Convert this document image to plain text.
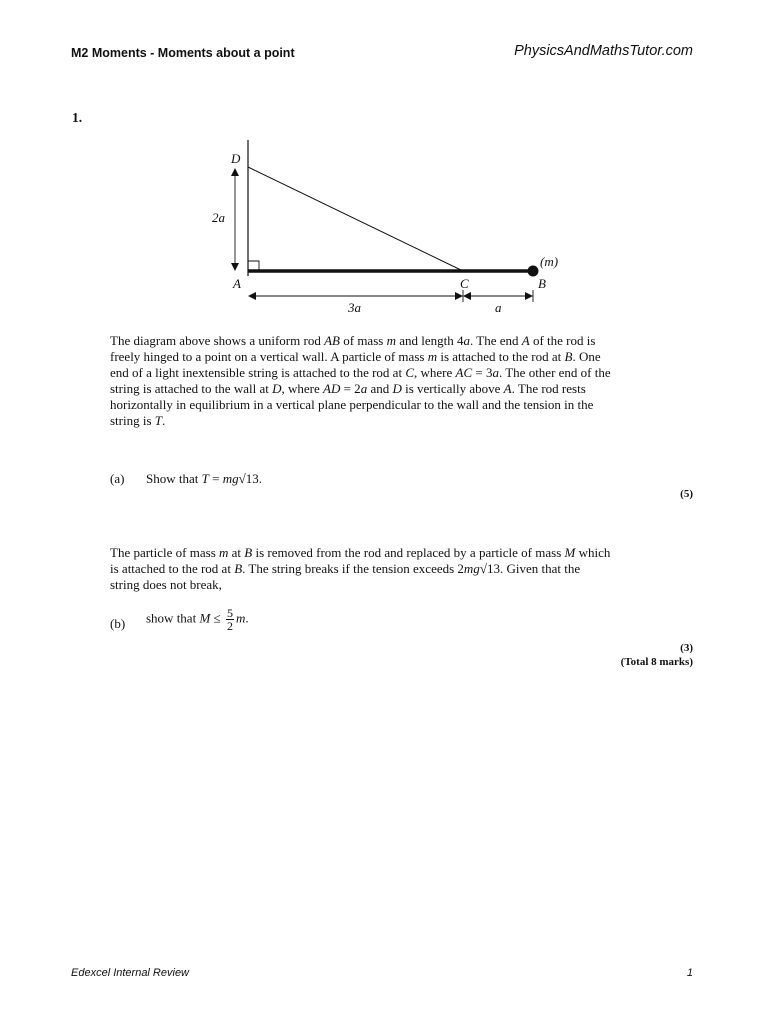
M2 Moments - Moments about a point	PhysicsAndMathsTutor.com
1.
D
2a
A	C	B
(m)
3a	a
The diagram above shows a uniform rod AB of mass m and length 4a. The end A of the rod is
freely hinged to a point on a vertical wall. A particle of mass m is attached to the rod at B. One
end of a light inextensible string is attached to the rod at C, where AC = 3a. The other end of the
string is attached to the wall at D, where AD = 2a and D is vertically above A. The rod rests
horizontally in equilibrium in a vertical plane perpendicular to the wall and the tension in the
string is T.
(a) Show that T = mg√13.
(5)
The particle of mass m at B is removed from the rod and replaced by a particle of mass M which
is attached to the rod at B. The string breaks if the tension exceeds 2mg√13. Given that the
string does not break,
(b) show that $M \le \frac{5}{2} m$.
(3)
(Total 8 marks)
Edexcel Internal Review	1
